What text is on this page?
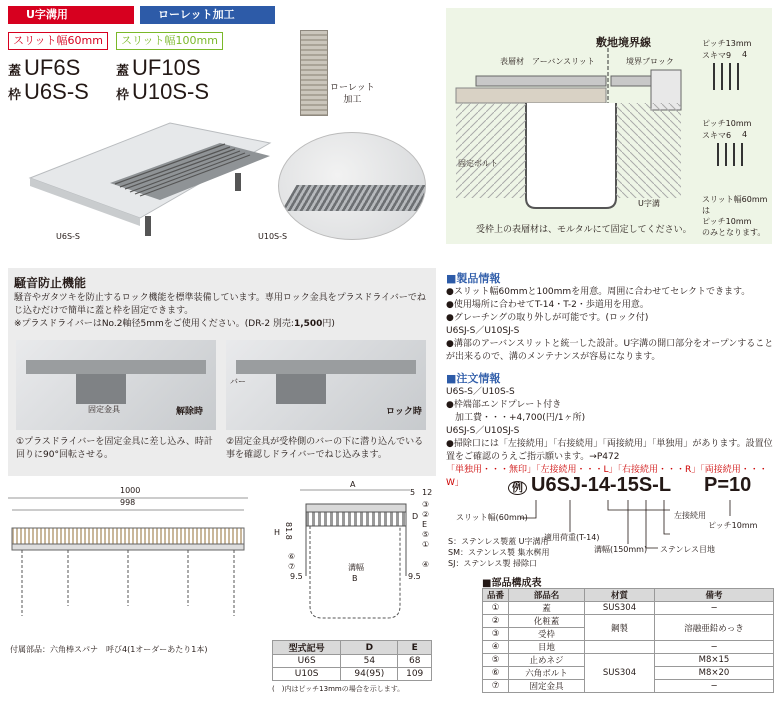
U字溝用	ローレット加工
スリット幅60mm	スリット幅100mm
蓋 UF6S
枠 U6S-S
蓋 UF10S
枠 U10S-S	ローレット
加工
U6S-S	U10S-S
敷地境界線
表層材 アーバンスリット	境界ブロック
固定ボルト
U字溝
受枠上の表層材は、モルタルにて固定してください。
ピッチ13mm
スキマ9 4
ピッチ10mm
スキマ6 4
スリット幅60mmは
ピッチ10mm
のみとなります。
騒音防止機能
騒音やガタツキを防止するロック機能を標準装備しています。専用ロック金具をプラスドライバーでねじ込むだけで簡単に蓋と枠を固定できます。
※プラスドライバーはNo.2軸径5mmをご使用ください。(DR-2 別売:1,500円)
固定金具	解除時
バー
ロック時
①プラスドライバーを固定金具に差し込み、時計回りに90°回転させる。
②固定金具が受枠側のバーの下に潜り込んでいる事を確認しドライバーでねじ込みます。
■製品情報
●スリット幅60mmと100mmを用意。周囲に合わせてセレクトできます。
●使用場所に合わせてT-14・T-2・歩道用を用意。
●グレーチングの取り外しが可能です。(ロック付)
U6SJ-S／U10SJ-S
●溝部のアーバンスリットと統一した設計。U字溝の開口部分をオープンすることが出来るので、溝のメンテナンスが容易になります。
■注文情報
U6S-S／U10S-S
●枠端部エンドプレート付き
　加工費・・・+4,700(円/1ヶ所)
U6SJ-S／U10SJ-S
●掃除口には「左接続用」「右接続用」「両接続用」「単独用」があります。設置位置をご確認のうえご指示願います。→P472
「単独用・・・無印」「左接続用・・・L」「右接続用・・・R」「両接続用・・・W」	例 U6SJ-14-15S-L P=10
スリット幅(60mm)
適用荷重(T-14)
左接続用
ピッチ10mm
溝幅(150mm) ステンレス目地
S：ステンレス製蓋 U字溝用
SM：ステンレス製 集水桝用
SJ：ステンレス製 掃除口
1000
998
付属部品：六角棒スパナ　呼び4(1オーダーあたり1本)
A
5 12
81.8
H
D
E
9.5	9.5
溝幅
B
⑥
⑦
③
②
⑤
①
④
型式記号	D	E
U6S	54	68
U10S	94(95)	109
(　)内はピッチ13mmの場合を示します。
■部品構成表
品番	部品名	材質	備考
①	蓋	SUS304	−
②	化粧蓋	鋼製	溶融亜鉛めっき
③	受枠		
④	目地		−
⑤	止めネジ	SUS304	M8×15
⑥	六角ボルト		M8×20
⑦	固定金具		−
